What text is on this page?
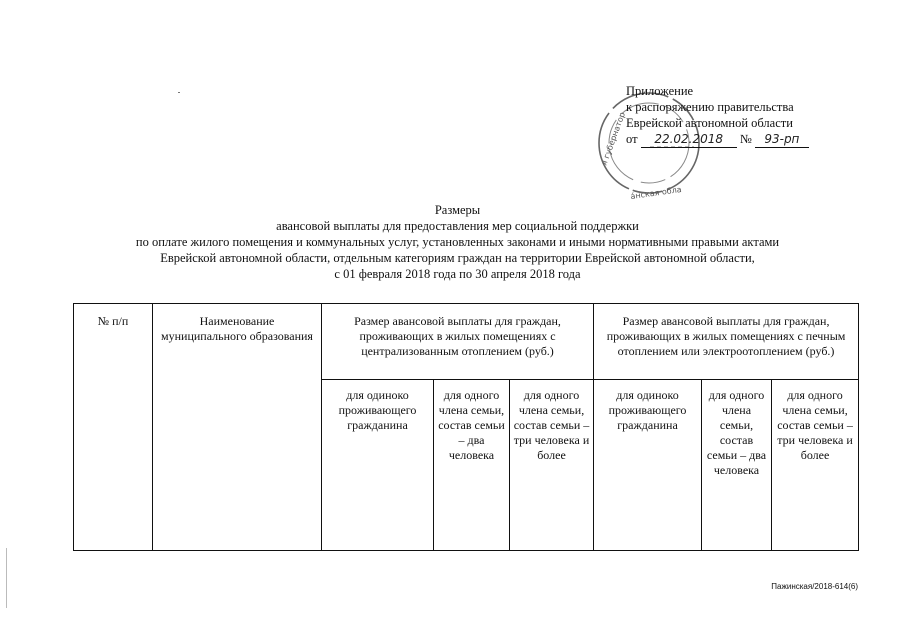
а́нская обла
я губернатор
Приложение
к распоряжению правительства
Еврейской автономной области
от 22.02.2018 № 93-рп
Размеры
авансовой выплаты для предоставления мер социальной поддержки
по оплате жилого помещения и коммунальных услуг, установленных законами и иными нормативными правыми актами
Еврейской автономной области, отдельным категориям граждан на территории Еврейской автономной области,
с 01 февраля 2018 года по 30 апреля 2018 года
№ п/п	Наименование муниципального образования	Размер авансовой выплаты для граждан, проживающих в жилых помещениях с централизованным отоплением (руб.)			Размер авансовой выплаты для граждан, проживающих в жилых помещениях с печным отоплением или электроотоплением (руб.)		
		для одиноко проживающего гражданина	для одного члена семьи, состав семьи – два человека	для одного члена семьи, состав семьи – три человека и более	для одиноко проживающего гражданина	для одного члена семьи, состав семьи – два человека	для одного члена семьи, состав семьи – три человека и более
Пажинская/2018-614(6)
